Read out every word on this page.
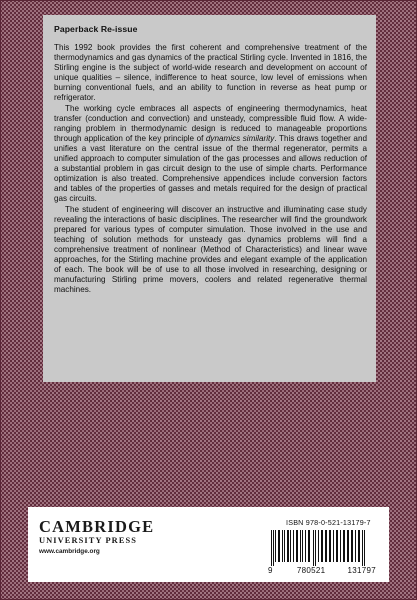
Paperback Re-issue

This 1992 book provides the first coherent and comprehensive treatment of the thermodynamics and gas dynamics of the practical Stirling cycle. Invented in 1816, the Stirling engine is the subject of world-wide research and development on account of unique qualities – silence, indifference to heat source, low level of emissions when burning conventional fuels, and an ability to function in reverse as heat pump or refrigerator.

The working cycle embraces all aspects of engineering thermodynamics, heat transfer (conduction and convection) and unsteady, compressible fluid flow. A wide-ranging problem in thermodynamic design is reduced to manageable proportions through application of the key principle of dynamics similarity. This draws together and unifies a vast literature on the central issue of the thermal regenerator, permits a unified approach to computer simulation of the gas processes and allows reduction of a substantial problem in gas circuit design to the use of simple charts. Performance optimization is also treated. Comprehensive appendices include conversion factors and tables of the properties of gasses and metals required for the design of practical gas circuits.

The student of engineering will discover an instructive and illuminating case study revealing the interactions of basic disciplines. The researcher will find the groundwork prepared for various types of computer simulation. Those involved in the use and teaching of solution methods for unsteady gas dynamics problems will find a comprehensive treatment of nonlinear (Method of Characteristics) and linear wave approaches, for the Stirling machine provides and elegant example of the application of each. The book will be of use to all those involved in researching, designing or manufacturing Stirling prime movers, coolers and related regenerative thermal machines.

CAMBRIDGE
UNIVERSITY PRESS
www.cambridge.org
ISBN 978-0-521-13179-7
9	780521	131797
